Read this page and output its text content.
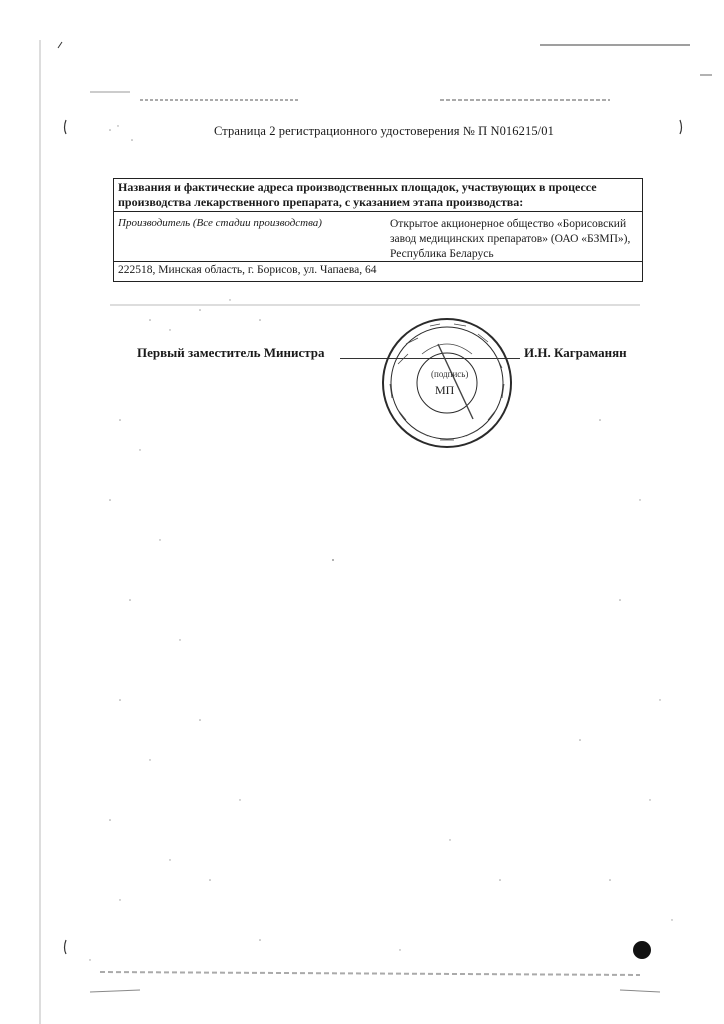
Страница 2 регистрационного удостоверения № П N016215/01
Названия и фактические адреса производственных площадок, участвующих в процессе
производства лекарственного препарата, с указанием этапа производства:
Производитель (Все стадии производства)	Открытое акционерное общество «Борисовский
завод медицинских препаратов» (ОАО «БЗМП»),
Республика Беларусь
222518, Минская область, г. Борисов, ул. Чапаева, 64
Первый заместитель Министра	И.Н. Каграманян
(подпись)
МП
